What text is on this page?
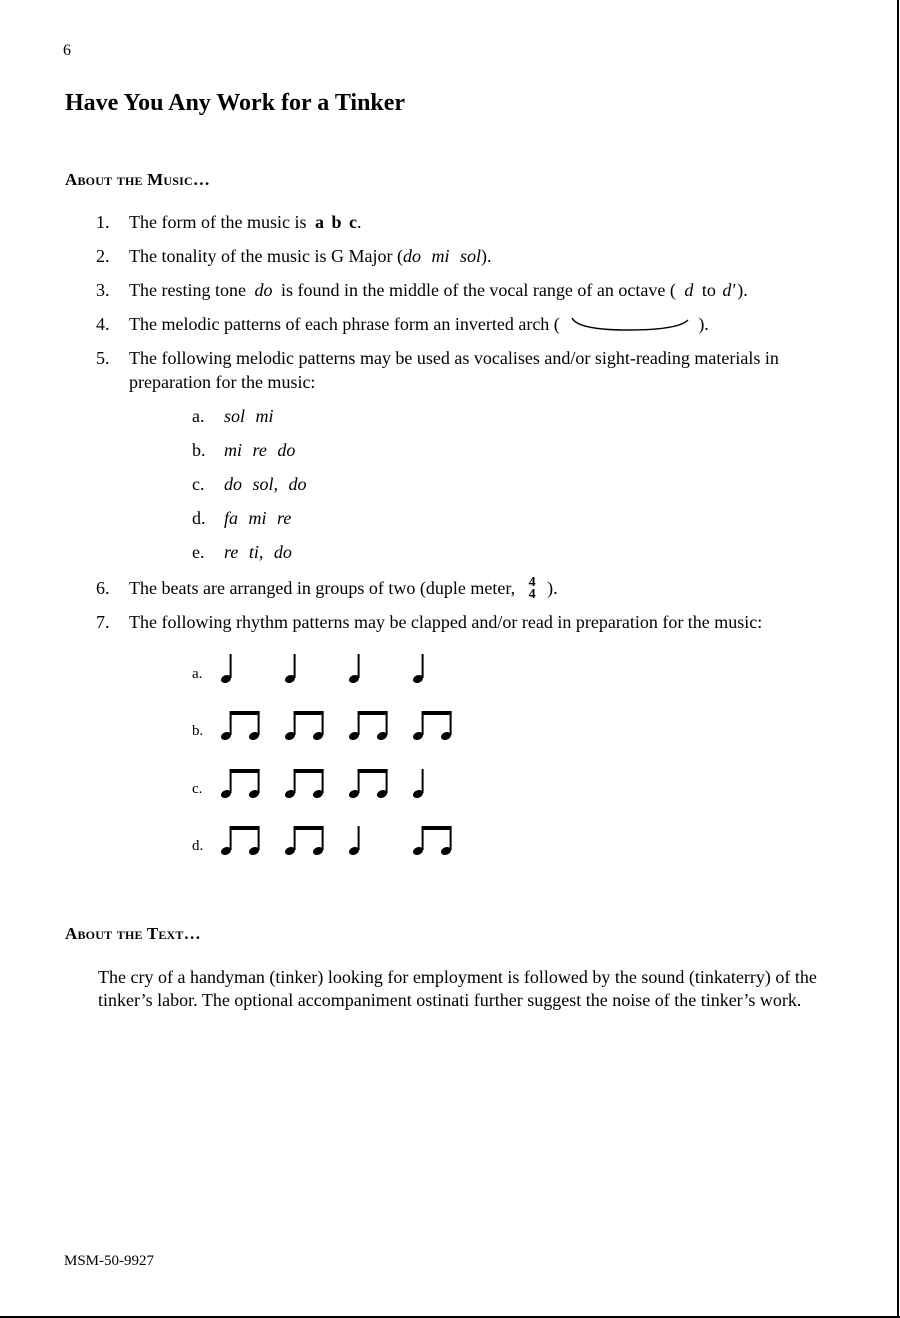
6
Have You Any Work for a Tinker
About the Music…
1.	The form of the music is a b c.
2.	The tonality of the music is G Major (do mi sol).
3.	The resting tone do is found in the middle of the vocal range of an octave ( d to d' ).
4.	The melodic patterns of each phrase form an inverted arch (	).
5.	The following melodic patterns may be used as vocalises and/or sight-reading materials in preparation for the music:
a. sol mi
b. mi re do
c. do sol, do
d. fa mi re
e. re ti, do
6.	The beats are arranged in groups of two (duple meter, 4
4 ).
7.	The following rhythm patterns may be clapped and/or read in preparation for the music:
a.
b.
c.
d.
About the Text…

The cry of a handyman (tinker) looking for employment is followed by the sound (tinkaterry) of the tinker’s labor. The optional accompaniment ostinati further suggest the noise of the tinker’s work.

MSM-50-9927
